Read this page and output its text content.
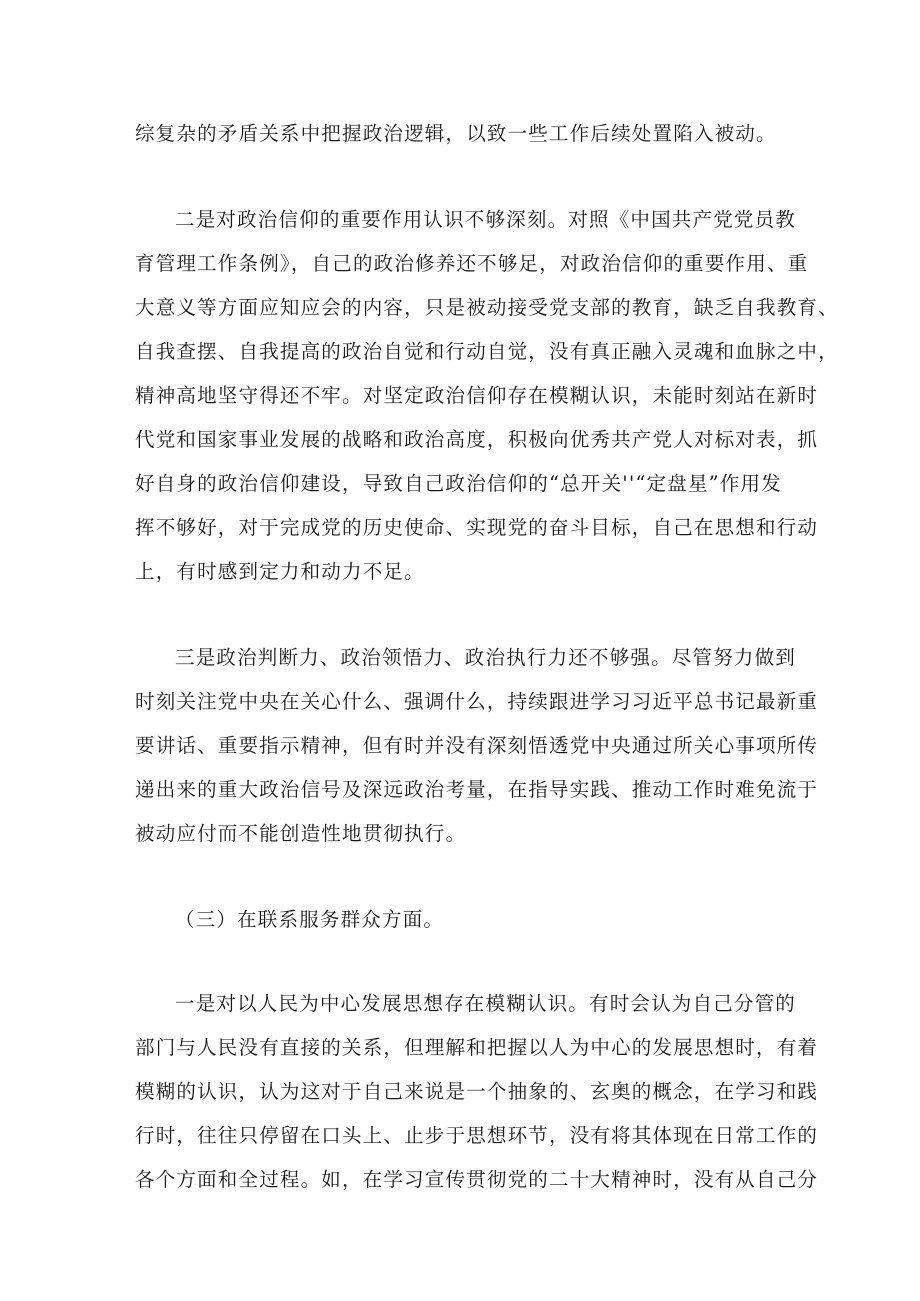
综复杂的矛盾关系中把握政治逻辑，以致一些工作后续处置陷入被动。

二是对政治信仰的重要作用认识不够深刻。对照《中国共产党党员教
育管理工作条例》，自己的政治修养还不够足，对政治信仰的重要作用、重
大意义等方面应知应会的内容，只是被动接受党支部的教育，缺乏自我教育、
自我查摆、自我提高的政治自觉和行动自觉，没有真正融入灵魂和血脉之中，
精神高地坚守得还不牢。对坚定政治信仰存在模糊认识，未能时刻站在新时
代党和国家事业发展的战略和政治高度，积极向优秀共产党人对标对表，抓
好自身的政治信仰建设，导致自己政治信仰的“总开关''“定盘星”作用发
挥不够好，对于完成党的历史使命、实现党的奋斗目标，自己在思想和行动
上，有时感到定力和动力不足。

三是政治判断力、政治领悟力、政治执行力还不够强。尽管努力做到
时刻关注党中央在关心什么、强调什么，持续跟进学习习近平总书记最新重
要讲话、重要指示精神，但有时并没有深刻悟透党中央通过所关心事项所传
递出来的重大政治信号及深远政治考量，在指导实践、推动工作时难免流于
被动应付而不能创造性地贯彻执行。

（三）在联系服务群众方面。

一是对以人民为中心发展思想存在模糊认识。有时会认为自己分管的
部门与人民没有直接的关系，但理解和把握以人为中心的发展思想时，有着
模糊的认识，认为这对于自己来说是一个抽象的、玄奥的概念，在学习和践
行时，往往只停留在口头上、止步于思想环节，没有将其体现在日常工作的
各个方面和全过程。如，在学习宣传贯彻党的二十大精神时，没有从自己分
